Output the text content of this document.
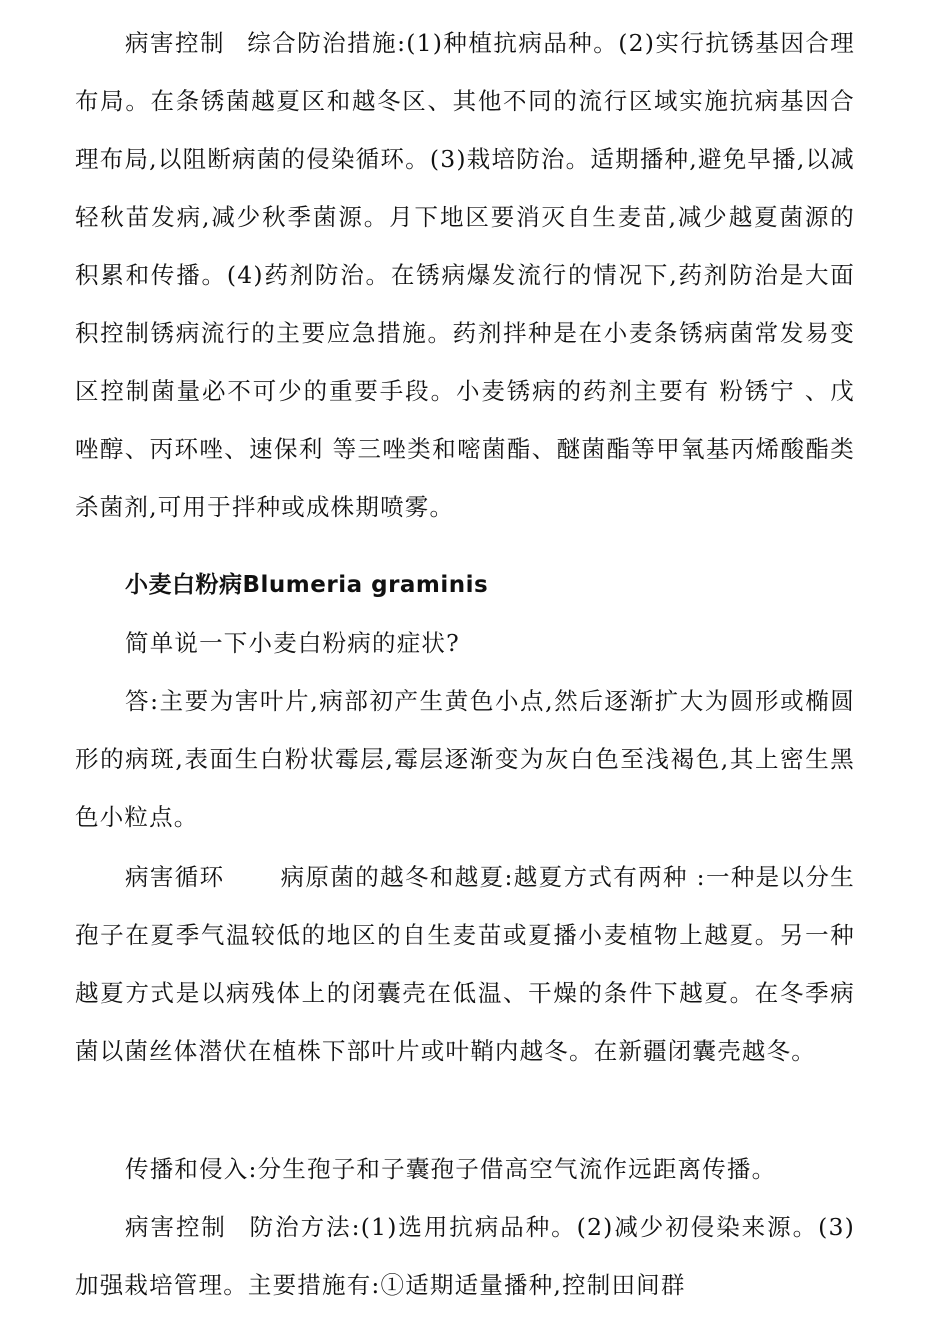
病害控制 综合防治措施:(1)种植抗病品种。(2)实行抗锈基因合理布局。在条锈菌越夏区和越冬区、其他不同的流行区域实施抗病基因合理布局,以阻断病菌的侵染循环。(3)栽培防治。适期播种,避免早播,以减轻秋苗发病,减少秋季菌源。月下地区要消灭自生麦苗,减少越夏菌源的积累和传播。(4)药剂防治。在锈病爆发流行的情况下,药剂防治是大面积控制锈病流行的主要应急措施。药剂拌种是在小麦条锈病菌常发易变区控制菌量必不可少的重要手段。小麦锈病的药剂主要有 粉锈宁 、戊唑醇、丙环唑、速保利 等三唑类和嘧菌酯、醚菌酯等甲氧基丙烯酸酯类杀菌剂,可用于拌种或成株期喷雾。

小麦白粉病Blumeria graminis

简单说一下小麦白粉病的症状?

答:主要为害叶片,病部初产生黄色小点,然后逐渐扩大为圆形或椭圆形的病斑,表面生白粉状霉层,霉层逐渐变为灰白色至浅褐色,其上密生黑色小粒点。

病害循环 病原菌的越冬和越夏:越夏方式有两种 :一种是以分生孢子在夏季气温较低的地区的自生麦苗或夏播小麦植物上越夏。另一种越夏方式是以病残体上的闭囊壳在低温、干燥的条件下越夏。在冬季病菌以菌丝体潜伏在植株下部叶片或叶鞘内越冬。在新疆闭囊壳越冬。

传播和侵入:分生孢子和子囊孢子借高空气流作远距离传播。

病害控制 防治方法:(1)选用抗病品种。(2)减少初侵染来源。(3)加强栽培管理。主要措施有:①适期适量播种,控制田间群
